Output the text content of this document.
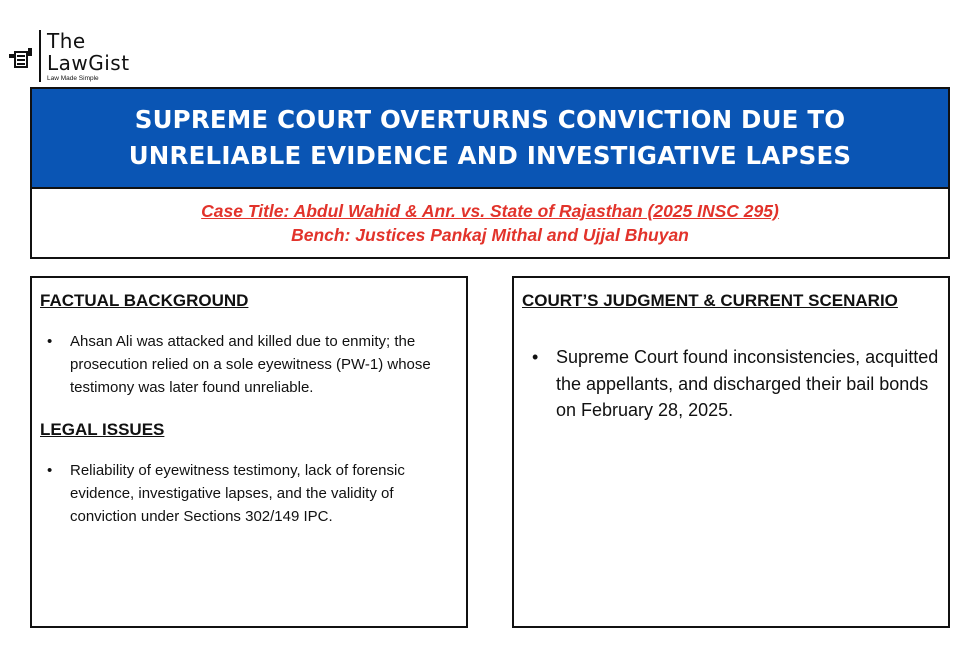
The
LawGist
Law Made Simple
SUPREME COURT OVERTURNS CONVICTION DUE TO
UNRELIABLE EVIDENCE AND INVESTIGATIVE LAPSES
Case Title: Abdul Wahid & Anr. vs. State of Rajasthan (2025 INSC 295)
Bench: Justices Pankaj Mithal and Ujjal Bhuyan
FACTUAL BACKGROUND
• Ahsan Ali was attacked and killed due to enmity; the prosecution relied on a sole eyewitness (PW-1) whose testimony was later found unreliable.
LEGAL ISSUES
• Reliability of eyewitness testimony, lack of forensic evidence, investigative lapses, and the validity of conviction under Sections 302/149 IPC.
COURT’S JUDGMENT & CURRENT SCENARIO
• Supreme Court found inconsistencies, acquitted the appellants, and discharged their bail bonds on February 28, 2025.
